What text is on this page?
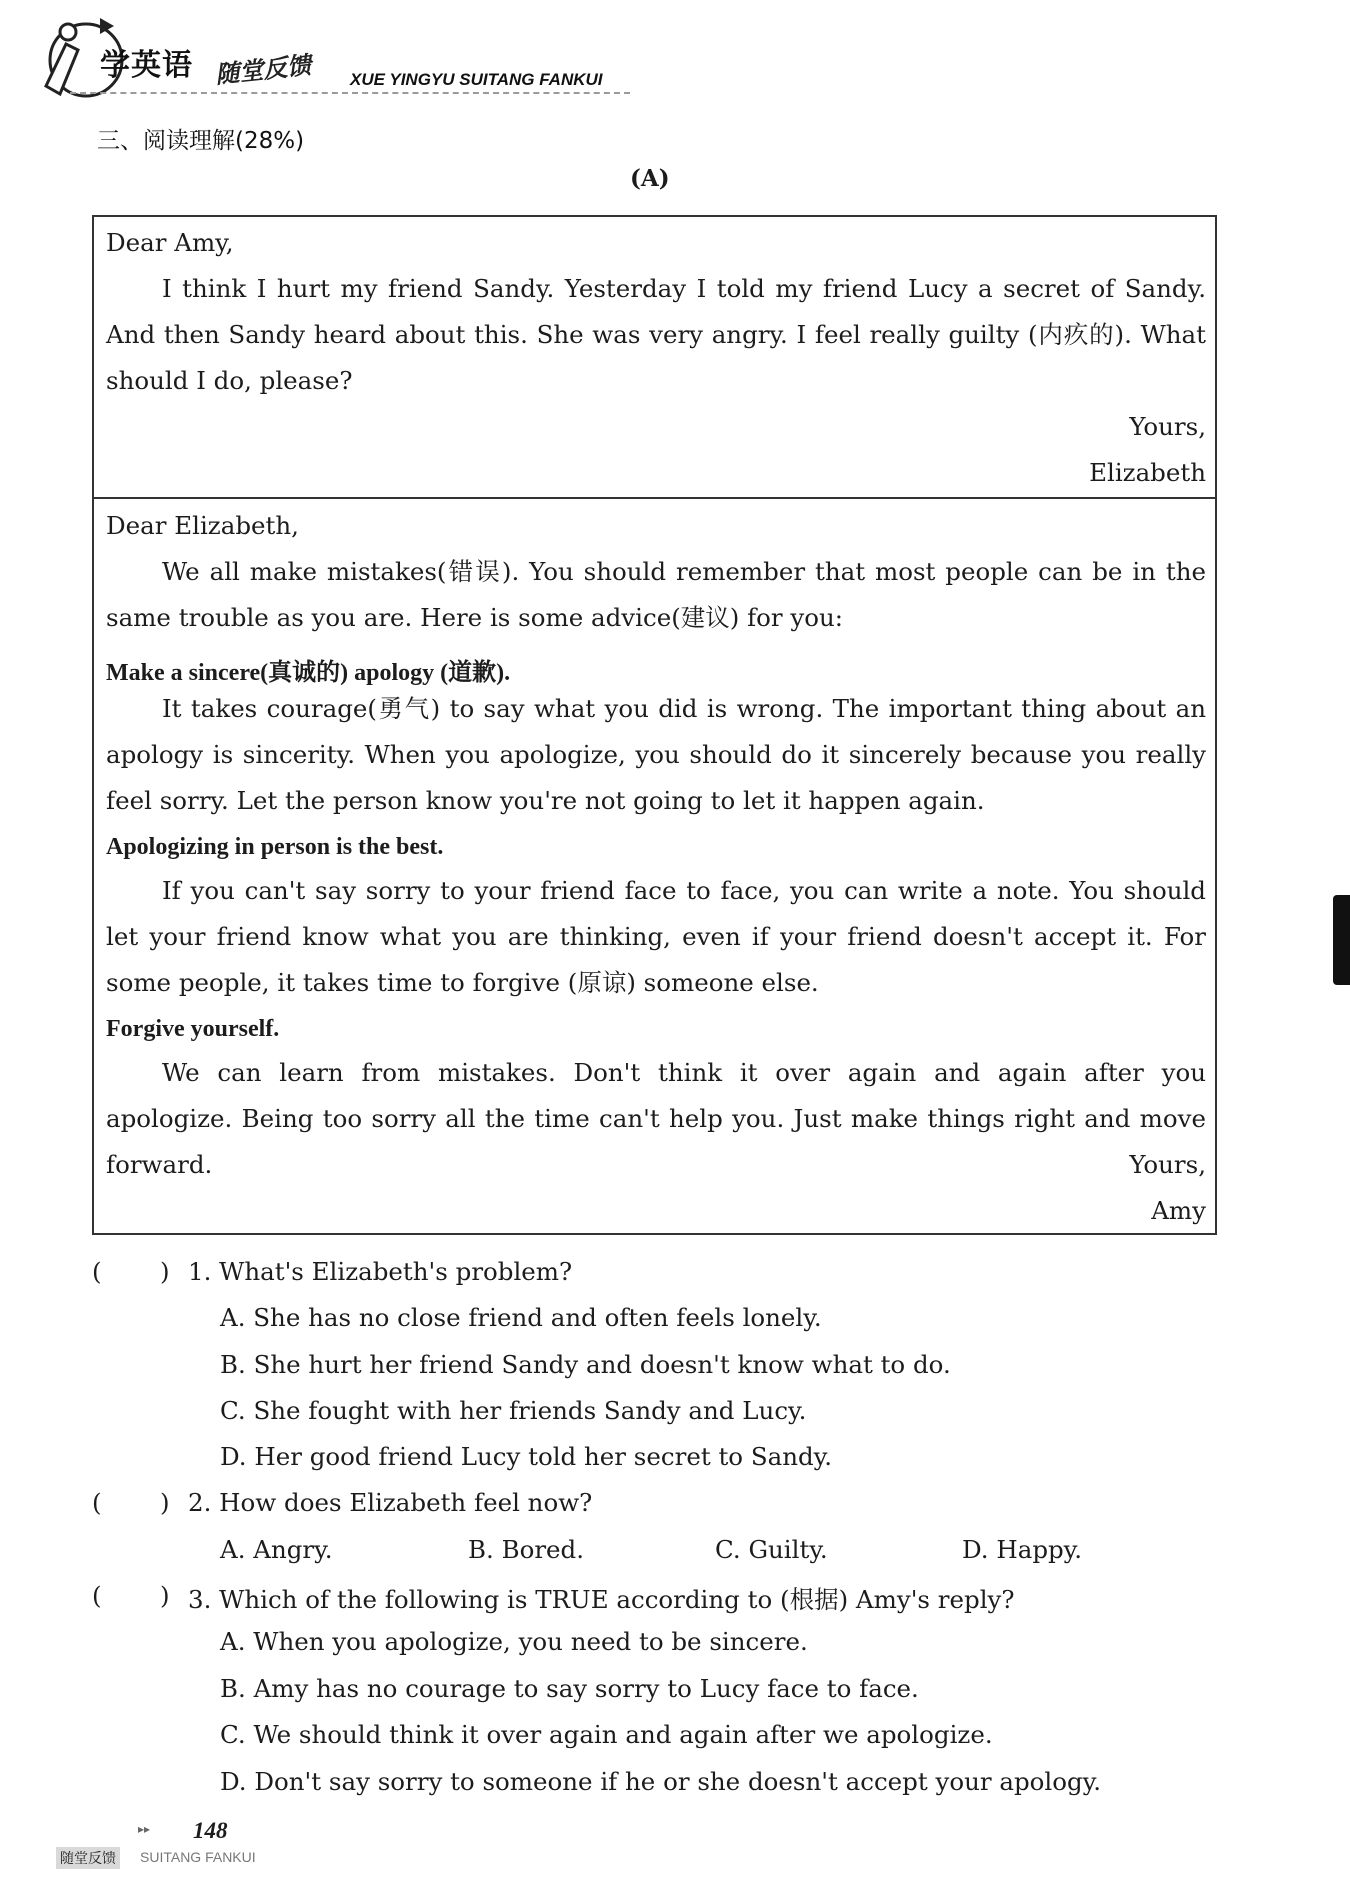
学英语 随堂反馈 XUE YINGYU SUITANG FANKUI
三、阅读理解(28%)
(A)
Dear Amy,

I think I hurt my friend Sandy. Yesterday I told my friend Lucy a secret of Sandy. And then Sandy heard about this. She was very angry. I feel really guilty (内疚的). What should I do, please?

Yours,
Elizabeth
Dear Elizabeth,

We all make mistakes(错误). You should remember that most people can be in the same trouble as you are. Here is some advice(建议) for you:

Make a sincere(真诚的) apology (道歉).

It takes courage(勇气) to say what you did is wrong. The important thing about an apology is sincerity. When you apologize, you should do it sincerely because you really feel sorry. Let the person know you're not going to let it happen again.

Apologizing in person is the best.

If you can't say sorry to your friend face to face, you can write a note. You should let your friend know what you are thinking, even if your friend doesn't accept it. For some people, it takes time to forgive (原谅) someone else.

Forgive yourself.

We can learn from mistakes. Don't think it over again and again after you apologize. Being too sorry all the time can't help you. Just make things right and move forward.	Yours,
Amy
( ) 1. What's Elizabeth's problem?
A. She has no close friend and often feels lonely.
B. She hurt her friend Sandy and doesn't know what to do.
C. She fought with her friends Sandy and Lucy.
D. Her good friend Lucy told her secret to Sandy.
( ) 2. How does Elizabeth feel now?
A. Angry.	B. Bored.	C. Guilty.	D. Happy.
( ) 3. Which of the following is TRUE according to (根据) Amy's reply?
A. When you apologize, you need to be sincere.
B. Amy has no courage to say sorry to Lucy face to face.
C. We should think it over again and again after we apologize.
D. Don't say sorry to someone if he or she doesn't accept your apology.
▸▸ 148
随堂反馈 SUITANG FANKUI
